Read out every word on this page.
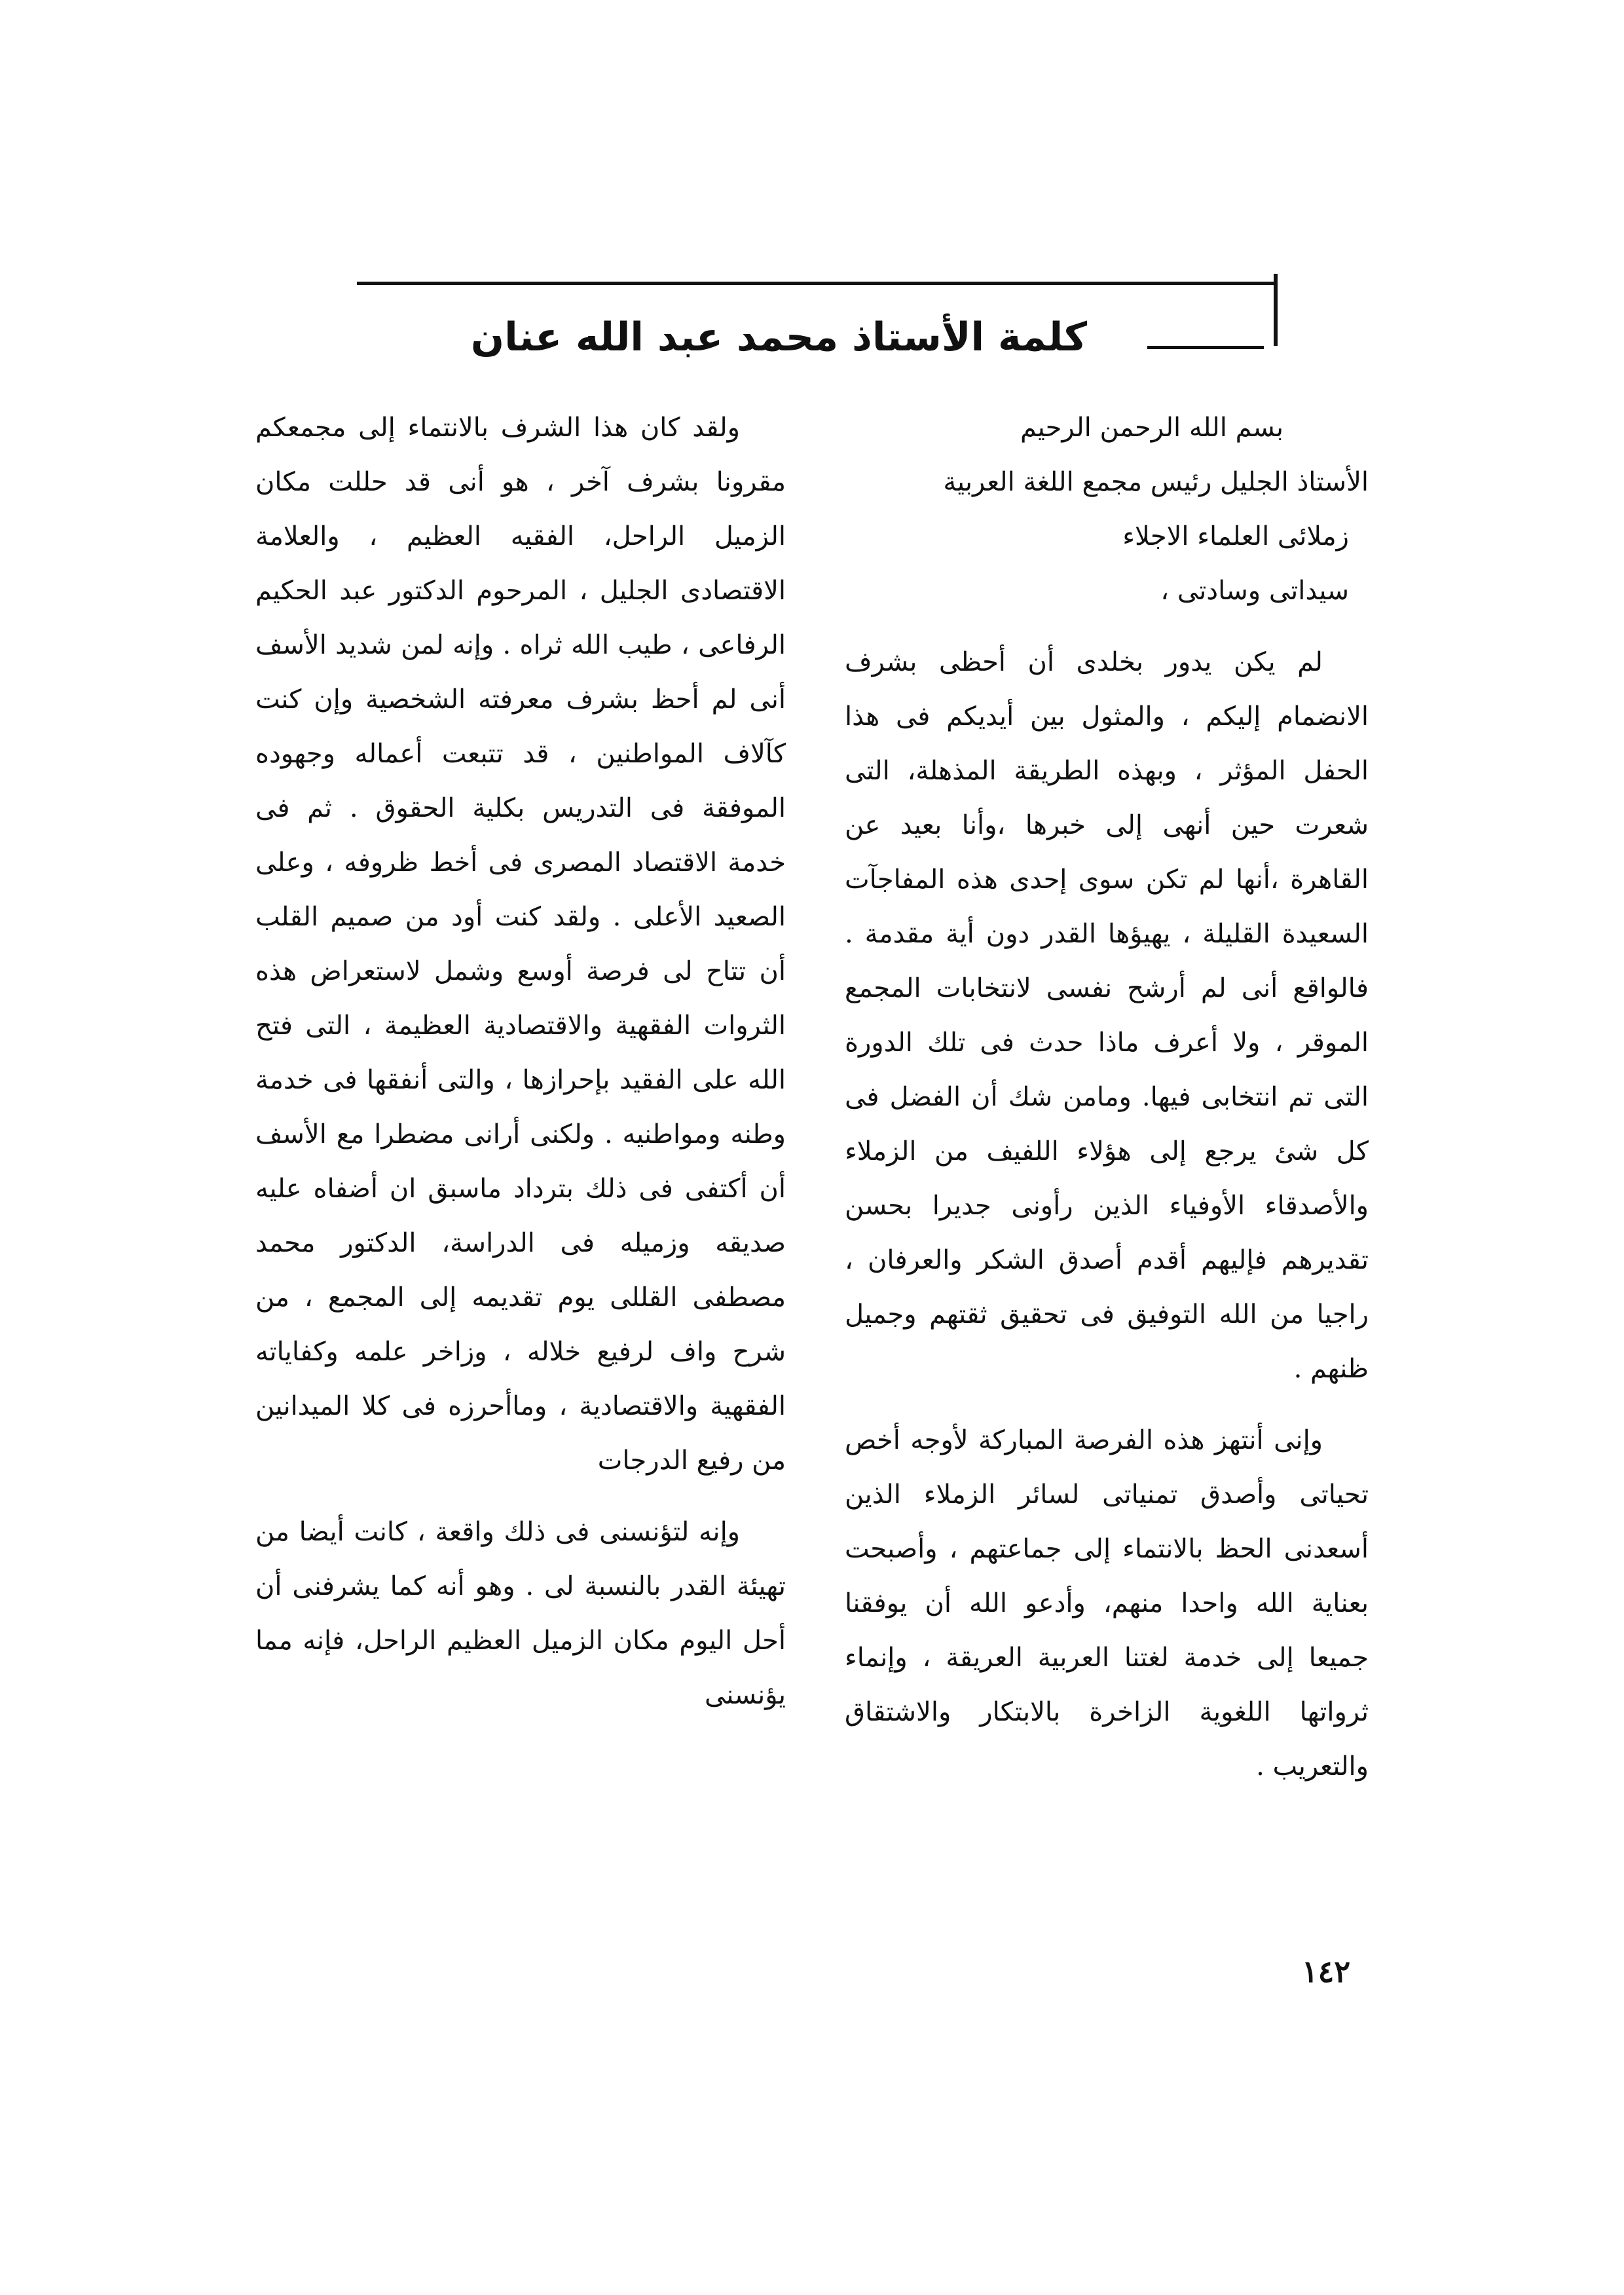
كلمة الأستاذ محمد عبد الله عنان

بسم الله الرحمن الرحيم

الأستاذ الجليل رئيس مجمع اللغة العربية
زملائى العلماء الاجلاء
سيداتى وسادتى ،

لم يكن يدور بخلدى أن أحظى بشرف الانضمام إليكم ، والمثول بين أيديكم فى هذا الحفل المؤثر ، وبهذه الطريقة المذهلة، التى شعرت حين أنهى إلى خبرها ،وأنا بعيد عن القاهرة ،أنها لم تكن سوى إحدى هذه المفاجآت السعيدة القليلة ، يهيؤها القدر دون أية مقدمة . فالواقع أنى لم أرشح نفسى لانتخابات المجمع الموقر ، ولا أعرف ماذا حدث فى تلك الدورة التى تم انتخابى فيها. ومامن شك أن الفضل فى كل شئ يرجع إلى هؤلاء اللفيف من الزملاء والأصدقاء الأوفياء الذين رأونى جديرا بحسن تقديرهم فإليهم أقدم أصدق الشكر والعرفان ، راجيا من الله التوفيق فى تحقيق ثقتهم وجميل ظنهم .

وإنى أنتهز هذه الفرصة المباركة لأوجه أخص تحياتى وأصدق تمنياتى لسائر الزملاء الذين أسعدنى الحظ بالانتماء إلى جماعتهم ، وأصبحت بعناية الله واحدا منهم، وأدعو الله أن يوفقنا جميعا إلى خدمة لغتنا العربية العريقة ، وإنماء ثرواتها اللغوية الزاخرة بالابتكار والاشتقاق والتعريب .

ولقد كان هذا الشرف بالانتماء إلى مجمعكم مقرونا بشرف آخر ، هو أنى قد حللت مكان الزميل الراحل، الفقيه العظيم ، والعلامة الاقتصادى الجليل ، المرحوم الدكتور عبد الحكيم الرفاعى ، طيب الله ثراه . وإنه لمن شديد الأسف أنى لم أحظ بشرف معرفته الشخصية وإن كنت كآلاف المواطنين ، قد تتبعت أعماله وجهوده الموفقة فى التدريس بكلية الحقوق . ثم فى خدمة الاقتصاد المصرى فى أخط ظروفه ، وعلى الصعيد الأعلى . ولقد كنت أود من صميم القلب أن تتاح لى فرصة أوسع وشمل لاستعراض هذه الثروات الفقهية والاقتصادية العظيمة ، التى فتح الله على الفقيد بإحرازها ، والتى أنفقها فى خدمة وطنه ومواطنيه . ولكنى أرانى مضطرا مع الأسف أن أكتفى فى ذلك بترداد ماسبق ان أضفاه عليه صديقه وزميله فى الدراسة، الدكتور محمد مصطفى القللى يوم تقديمه إلى المجمع ، من شرح واف لرفيع خلاله ، وزاخر علمه وكفاياته الفقهية والاقتصادية ، وماأحرزه فى كلا الميدانين من رفيع الدرجات

وإنه لتؤنسنى فى ذلك واقعة ، كانت أيضا من تهيئة القدر بالنسبة لى . وهو أنه كما يشرفنى أن أحل اليوم مكان الزميل العظيم الراحل، فإنه مما يؤنسنى

١٤٢
